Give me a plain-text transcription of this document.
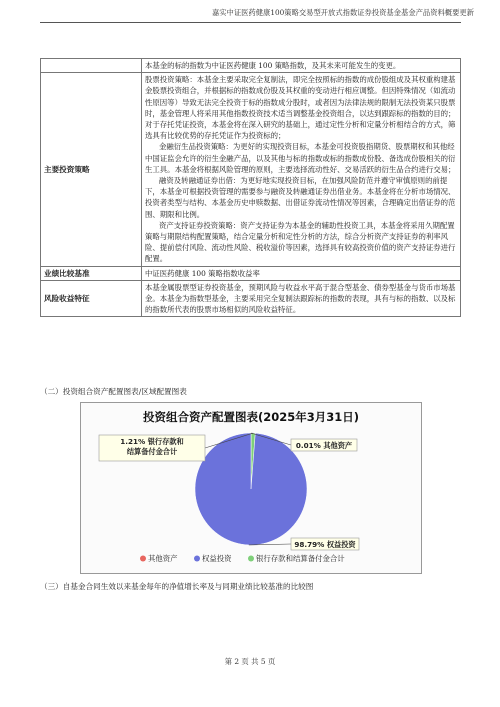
嘉实中证医药健康100策略交易型开放式指数证券投资基金基金产品资料概要更新
	本基金的标的指数为中证医药健康 100 策略指数，及其未来可能发生的变更。
主要投资策略	股票投资策略：本基金主要采取完全复制法，即完全按照标的指数的成份股组成及其权重构建基金股票投资组合，并根据标的指数成份股及其权重的变动进行相应调整。但因特殊情况（如流动性原因等）导致无法完全投资于标的指数成分股时，或者因为法律法规的限制无法投资某只股票时，基金管理人将采用其他指数投资技术适当调整基金投资组合，以达到跟踪标的指数的目的；

对于存托凭证投资，本基金将在深入研究的基础上，通过定性分析和定量分析相结合的方式，筛选具有比较优势的存托凭证作为投资标的；

金融衍生品投资策略：为更好的实现投资目标，本基金可投资股指期货、股票期权和其他经中国证监会允许的衍生金融产品，以及其他与标的指数或标的指数成份股、备选成份股相关的衍生工具。本基金将根据风险管理的原则，主要选择流动性好、交易活跃的衍生品合约进行交易；

融资及转融通证券出借：为更好地实现投资目标，在加强风险防范并遵守审慎原则的前提下，本基金可根据投资管理的需要参与融资及转融通证券出借业务。本基金将在分析市场情况、投资者类型与结构、本基金历史申赎数据、出借证券流动性情况等因素，合理确定出借证券的范围、期限和比例。

资产支持证券投资策略：资产支持证券为本基金的辅助性投资工具，本基金将采用久期配置策略与期限结构配置策略，结合定量分析和定性分析的方法，综合分析资产支持证券的利率风险、提前偿付风险、流动性风险、税收溢价等因素，选择具有较高投资价值的资产支持证券进行配置。

业绩比较基准	中证医药健康 100 策略指数收益率
风险收益特征	本基金属股票型证券投资基金，预期风险与收益水平高于混合型基金、债券型基金与货币市场基金。本基金为指数型基金，主要采用完全复制法跟踪标的指数的表现，具有与标的指数、以及标的指数所代表的股票市场相似的风险收益特征。
（二）投资组合资产配置图表/区域配置图表
投资组合资产配置图表(2025年3月31日)
1.21% 银行存款和
结算备付金合计
0.01% 其他资产
98.79% 权益投资
其他资产	权益投资	银行存款和结算备付金合计
（三）自基金合同生效以来基金每年的净值增长率及与同期业绩比较基准的比较图
第 2 页 共 5 页
